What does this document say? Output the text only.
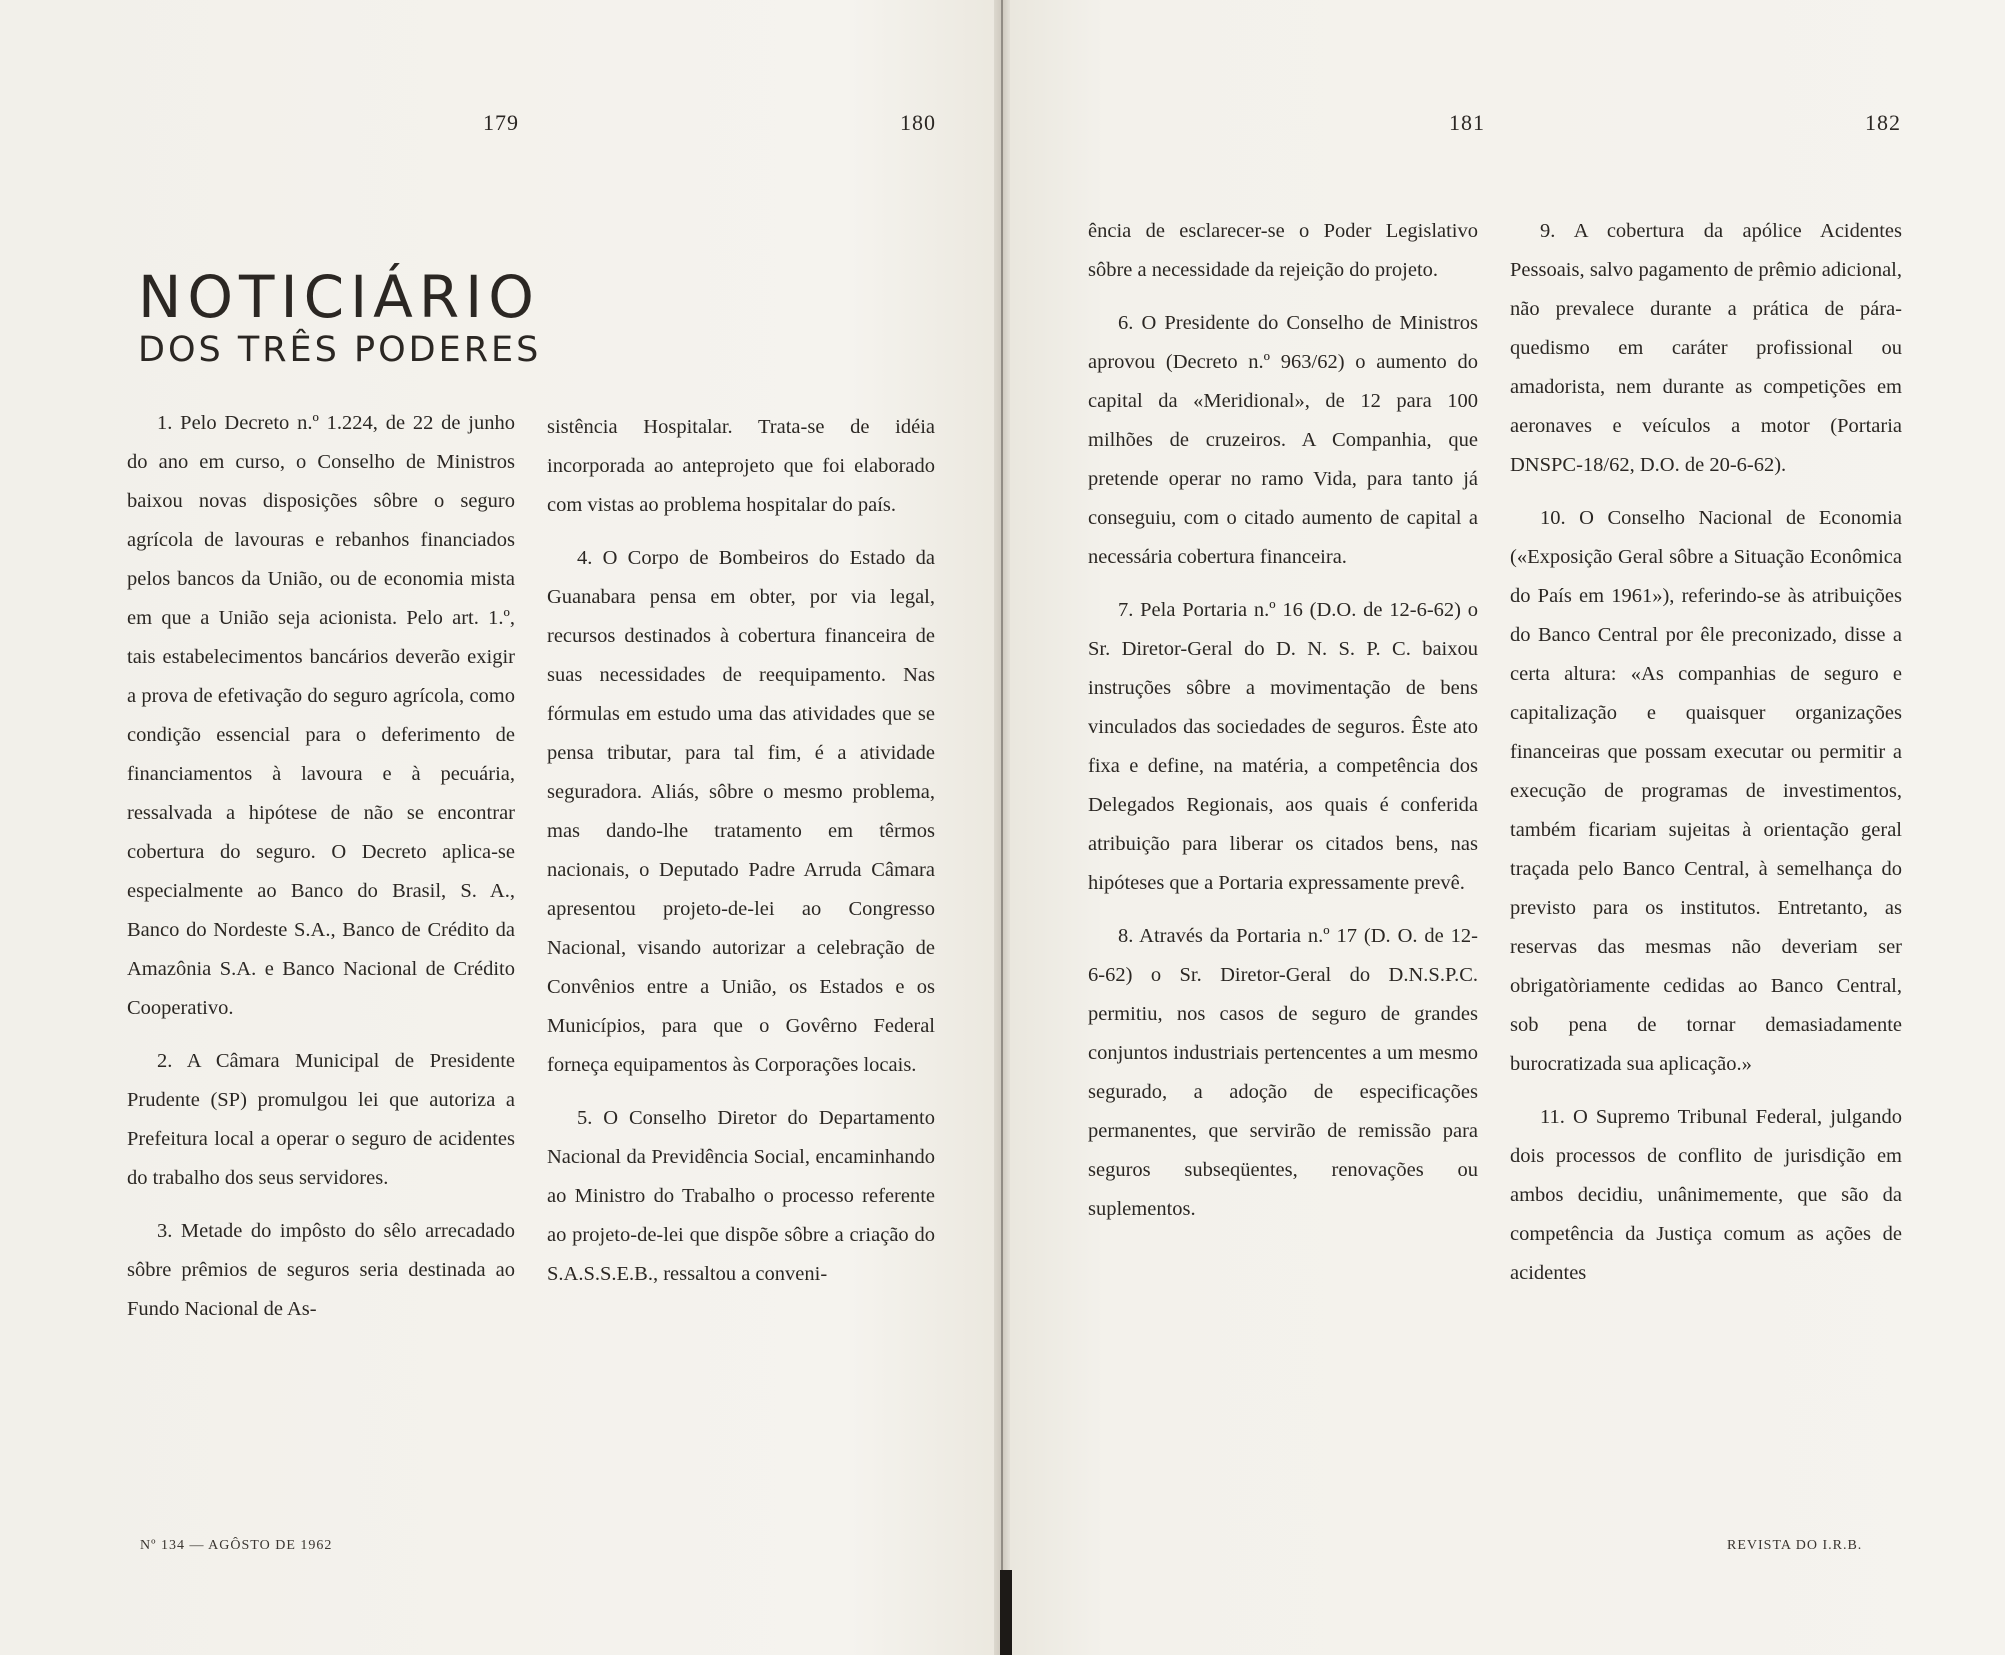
179	180	181	182
NOTICIÁRIO
DOS TRÊS PODERES

1. Pelo Decreto n.º 1.224, de 22 de junho do ano em curso, o Conselho de Ministros baixou novas disposições sôbre o seguro agrícola de lavouras e rebanhos financiados pelos bancos da União, ou de economia mista em que a União seja acionista. Pelo art. 1.º, tais estabelecimentos bancários deverão exigir a prova de efetivação do seguro agrícola, como condição essencial para o deferimento de financiamentos à lavoura e à pecuária, ressalvada a hipótese de não se encontrar cobertura do seguro. O Decreto aplica-se especialmente ao Banco do Brasil, S. A., Banco do Nordeste S.A., Banco de Crédito da Amazônia S.A. e Banco Nacional de Crédito Cooperativo.

2. A Câmara Municipal de Presidente Prudente (SP) promulgou lei que autoriza a Prefeitura local a operar o seguro de acidentes do trabalho dos seus servidores.

3. Metade do impôsto do sêlo arrecadado sôbre prêmios de seguros seria destinada ao Fundo Nacional de As-

sistência Hospitalar. Trata-se de idéia incorporada ao anteprojeto que foi elaborado com vistas ao problema hospitalar do país.

4. O Corpo de Bombeiros do Estado da Guanabara pensa em obter, por via legal, recursos destinados à cobertura financeira de suas necessidades de reequipamento. Nas fórmulas em estudo uma das atividades que se pensa tributar, para tal fim, é a atividade seguradora. Aliás, sôbre o mesmo problema, mas dando-lhe tratamento em têrmos nacionais, o Deputado Padre Arruda Câmara apresentou projeto-de-lei ao Congresso Nacional, visando autorizar a celebração de Convênios entre a União, os Estados e os Municípios, para que o Govêrno Federal forneça equipamentos às Corporações locais.

5. O Conselho Diretor do Departamento Nacional da Previdência Social, encaminhando ao Ministro do Trabalho o processo referente ao projeto-de-lei que dispõe sôbre a criação do S.A.S.S.E.B., ressaltou a conveni-

ência de esclarecer-se o Poder Legislativo sôbre a necessidade da rejeição do projeto.

6. O Presidente do Conselho de Ministros aprovou (Decreto n.º 963/62) o aumento do capital da «Meridional», de 12 para 100 milhões de cruzeiros. A Companhia, que pretende operar no ramo Vida, para tanto já conseguiu, com o citado aumento de capital a necessária cobertura financeira.

7. Pela Portaria n.º 16 (D.O. de 12-6-62) o Sr. Diretor-Geral do D. N. S. P. C. baixou instruções sôbre a movimentação de bens vinculados das sociedades de seguros. Êste ato fixa e define, na matéria, a competência dos Delegados Regionais, aos quais é conferida atribuição para liberar os citados bens, nas hipóteses que a Portaria expressamente prevê.

8. Através da Portaria n.º 17 (D. O. de 12-6-62) o Sr. Diretor-Geral do D.N.S.P.C. permitiu, nos casos de seguro de grandes conjuntos industriais pertencentes a um mesmo segurado, a adoção de especificações permanentes, que servirão de remissão para seguros subseqüentes, renovações ou suplementos.

9. A cobertura da apólice Acidentes Pessoais, salvo pagamento de prêmio adicional, não prevalece durante a prática de pára-quedismo em caráter profissional ou amadorista, nem durante as competições em aeronaves e veículos a motor (Portaria DNSPC-18/62, D.O. de 20-6-62).

10. O Conselho Nacional de Economia («Exposição Geral sôbre a Situação Econômica do País em 1961»), referindo-se às atribuições do Banco Central por êle preconizado, disse a certa altura: «As companhias de seguro e capitalização e quaisquer organizações financeiras que possam executar ou permitir a execução de programas de investimentos, também ficariam sujeitas à orientação geral traçada pelo Banco Central, à semelhança do previsto para os institutos. Entretanto, as reservas das mesmas não deveriam ser obrigatòriamente cedidas ao Banco Central, sob pena de tornar demasiadamente burocratizada sua aplicação.»

11. O Supremo Tribunal Federal, julgando dois processos de conflito de jurisdição em ambos decidiu, unânimemente, que são da competência da Justiça comum as ações de acidentes

Nº 134 — AGÔSTO DE 1962	REVISTA DO I.R.B.
